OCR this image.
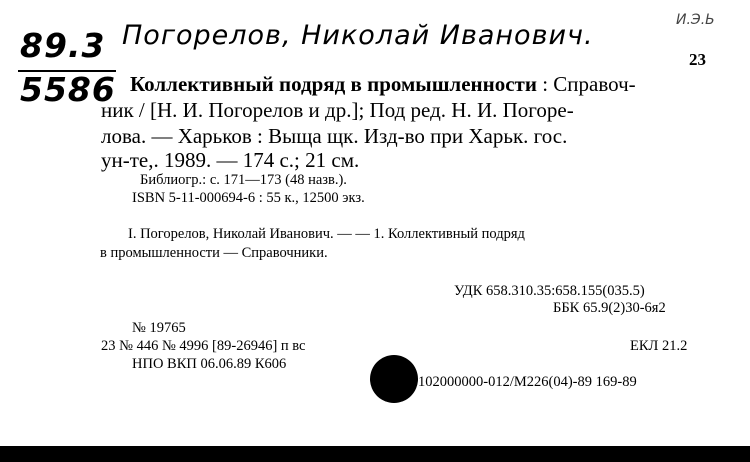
89.3
5586
Погорелов, Николай Иванович.	И.Э.Ь
23
Коллективный подряд в промышленности : Справоч-
ник / [Н. И. Погорелов и др.]; Под ред. Н. И. Погоре-
лова. — Харьков : Выща щк. Изд-во при Харьк. гос.
ун-те,. 1989. — 174 с.; 21 см.
Библиогр.: с. 171—173 (48 назв.).
ISBN 5-11-000694-6 : 55 к., 12500 экз.
I. Погорелов, Николай Иванович. — — 1. Коллективный подряд
в промышленности — Справочники.
УДК 658.310.35:658.155(035.5)
ББК 65.9(2)30-6я2
№ 19765
23 № 446 № 4996 [89-26946] п вс	ЕКЛ 21.2
НПО ВКП 06.06.89 К606
102000000-012/М226(04)-89 169-89
